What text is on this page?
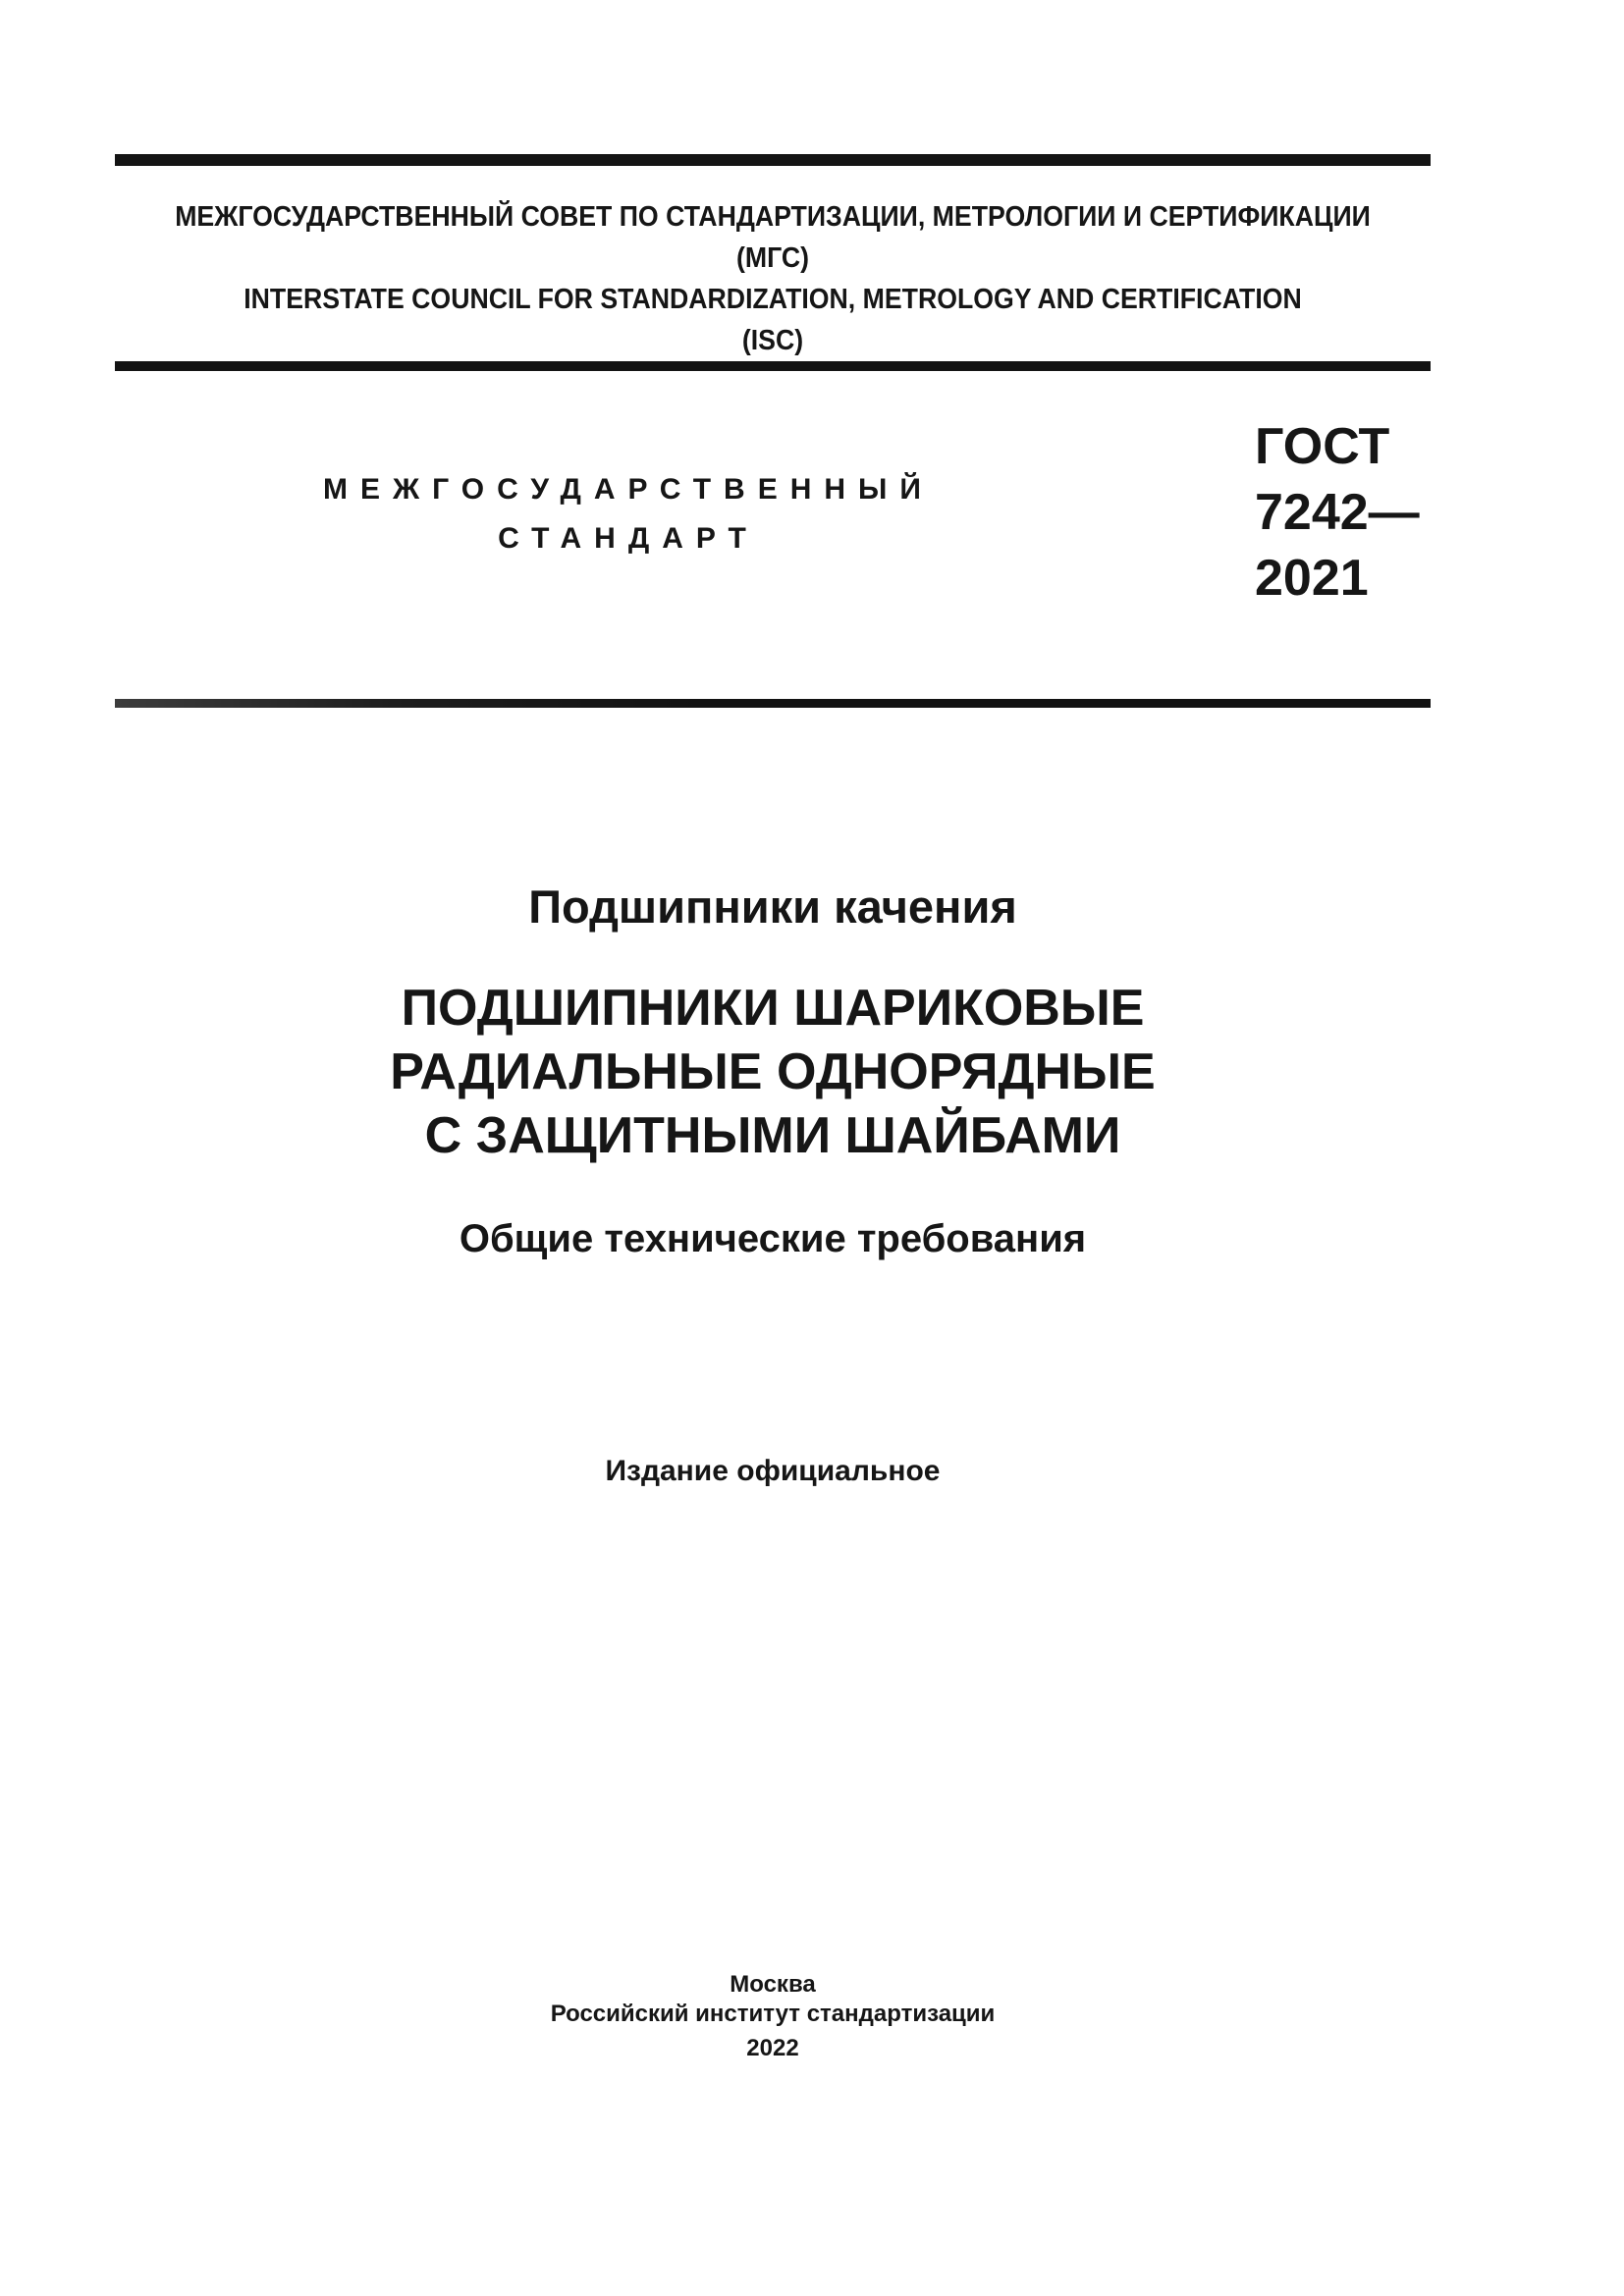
МЕЖГОСУДАРСТВЕННЫЙ СОВЕТ ПО СТАНДАРТИЗАЦИИ, МЕТРОЛОГИИ И СЕРТИФИКАЦИИ
(МГС)
INTERSTATE COUNCIL FOR STANDARDIZATION, METROLOGY AND CERTIFICATION
(ISC)
МЕЖГОСУДАРСТВЕННЫЙ
СТАНДАРТ
ГОСТ
7242—
2021
Подшипники качения
ПОДШИПНИКИ ШАРИКОВЫЕ
РАДИАЛЬНЫЕ ОДНОРЯДНЫЕ
С ЗАЩИТНЫМИ ШАЙБАМИ
Общие технические требования
Издание официальное
Москва
Российский институт стандартизации
2022
